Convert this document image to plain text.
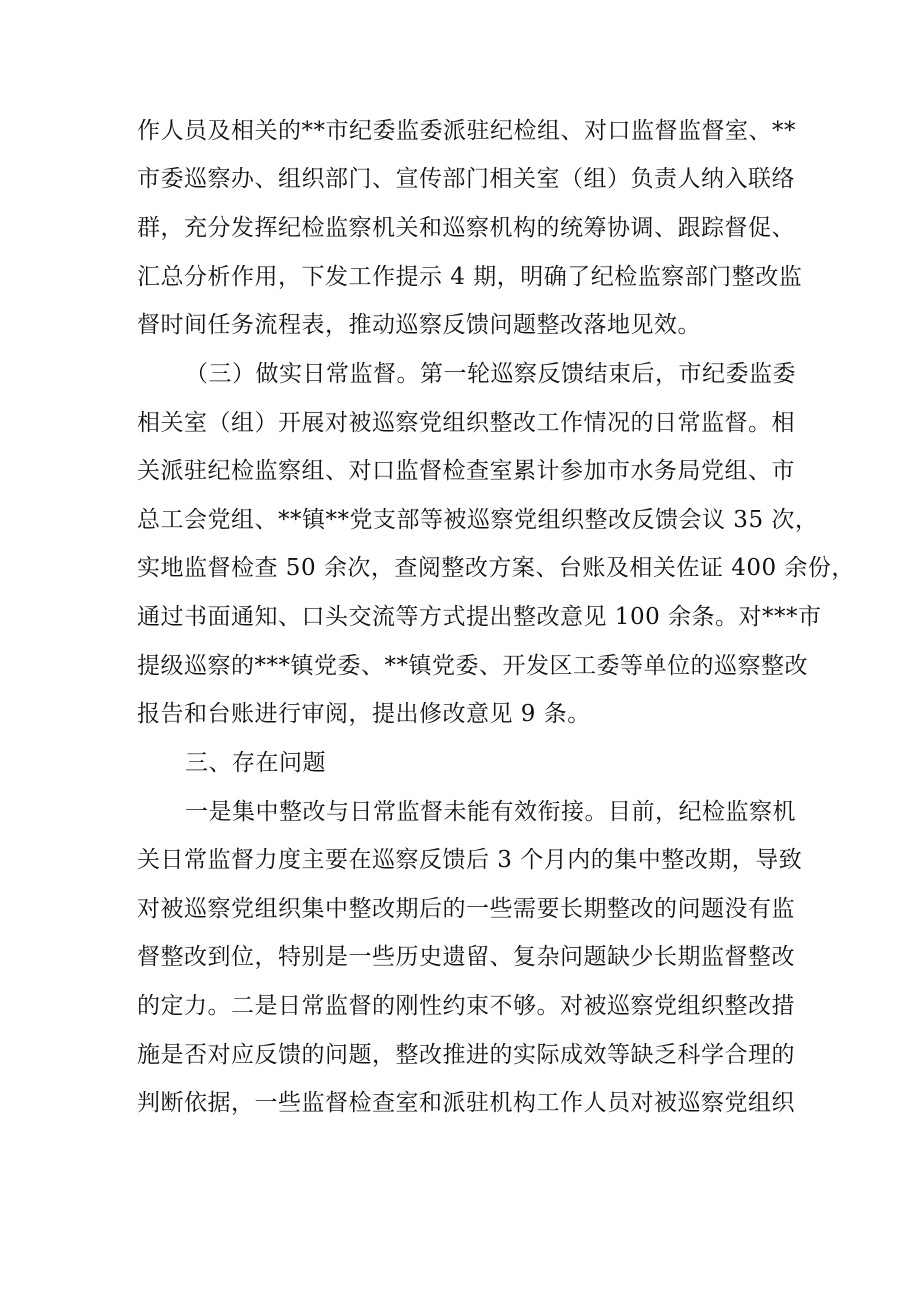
作人员及相关的**市纪委监委派驻纪检组、对口监督监督室、**
市委巡察办、组织部门、宣传部门相关室（组）负责人纳入联络
群，充分发挥纪检监察机关和巡察机构的统筹协调、跟踪督促、
汇总分析作用，下发工作提示 4 期，明确了纪检监察部门整改监
督时间任务流程表，推动巡察反馈问题整改落地见效。
（三）做实日常监督。第一轮巡察反馈结束后，市纪委监委
相关室（组）开展对被巡察党组织整改工作情况的日常监督。相
关派驻纪检监察组、对口监督检查室累计参加市水务局党组、市
总工会党组、**镇**党支部等被巡察党组织整改反馈会议 35 次，
实地监督检查 50 余次，查阅整改方案、台账及相关佐证 400 余份，
通过书面通知、口头交流等方式提出整改意见 100 余条。对***市
提级巡察的***镇党委、**镇党委、开发区工委等单位的巡察整改
报告和台账进行审阅，提出修改意见 9 条。
三、存在问题
一是集中整改与日常监督未能有效衔接。目前，纪检监察机
关日常监督力度主要在巡察反馈后 3 个月内的集中整改期，导致
对被巡察党组织集中整改期后的一些需要长期整改的问题没有监
督整改到位，特别是一些历史遗留、复杂问题缺少长期监督整改
的定力。二是日常监督的刚性约束不够。对被巡察党组织整改措
施是否对应反馈的问题，整改推进的实际成效等缺乏科学合理的
判断依据，一些监督检查室和派驻机构工作人员对被巡察党组织
